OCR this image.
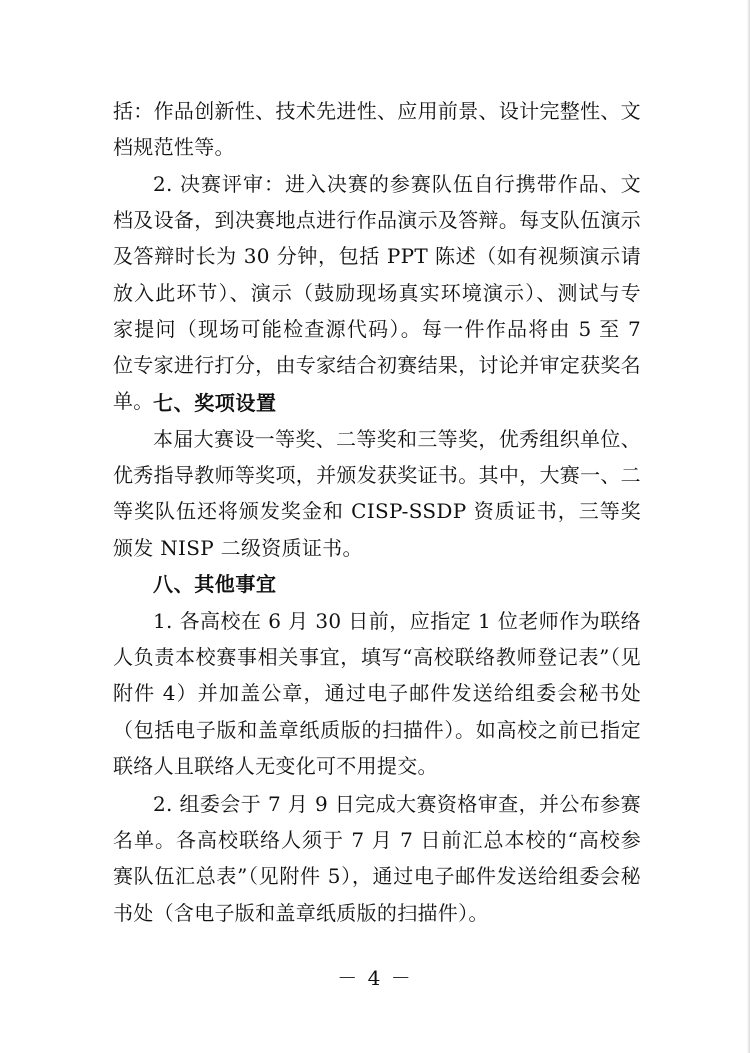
括：作品创新性、技术先进性、应用前景、设计完整性、文档规范性等。

2. 决赛评审：进入决赛的参赛队伍自行携带作品、文档及设备，到决赛地点进行作品演示及答辩。每支队伍演示及答辩时长为 30 分钟，包括 PPT 陈述（如有视频演示请放入此环节）、演示（鼓励现场真实环境演示）、测试与专家提问（现场可能检查源代码）。每一件作品将由 5 至 7 位专家进行打分，由专家结合初赛结果，讨论并审定获奖名单。 七、奖项设置

本届大赛设一等奖、二等奖和三等奖，优秀组织单位、优秀指导教师等奖项，并颁发获奖证书。其中，大赛一、二等奖队伍还将颁发奖金和 CISP-SSDP 资质证书，三等奖颁发 NISP 二级资质证书。

八、其他事宜

1. 各高校在 6 月 30 日前，应指定 1 位老师作为联络人负责本校赛事相关事宜，填写“高校联络教师登记表”（见附件 4）并加盖公章，通过电子邮件发送给组委会秘书处（包括电子版和盖章纸质版的扫描件）。如高校之前已指定联络人且联络人无变化可不用提交。

2. 组委会于 7 月 9 日完成大赛资格审查，并公布参赛名单。各高校联络人须于 7 月 7 日前汇总本校的“高校参赛队伍汇总表”（见附件 5），通过电子邮件发送给组委会秘书处（含电子版和盖章纸质版的扫描件）。

－ 4 －
